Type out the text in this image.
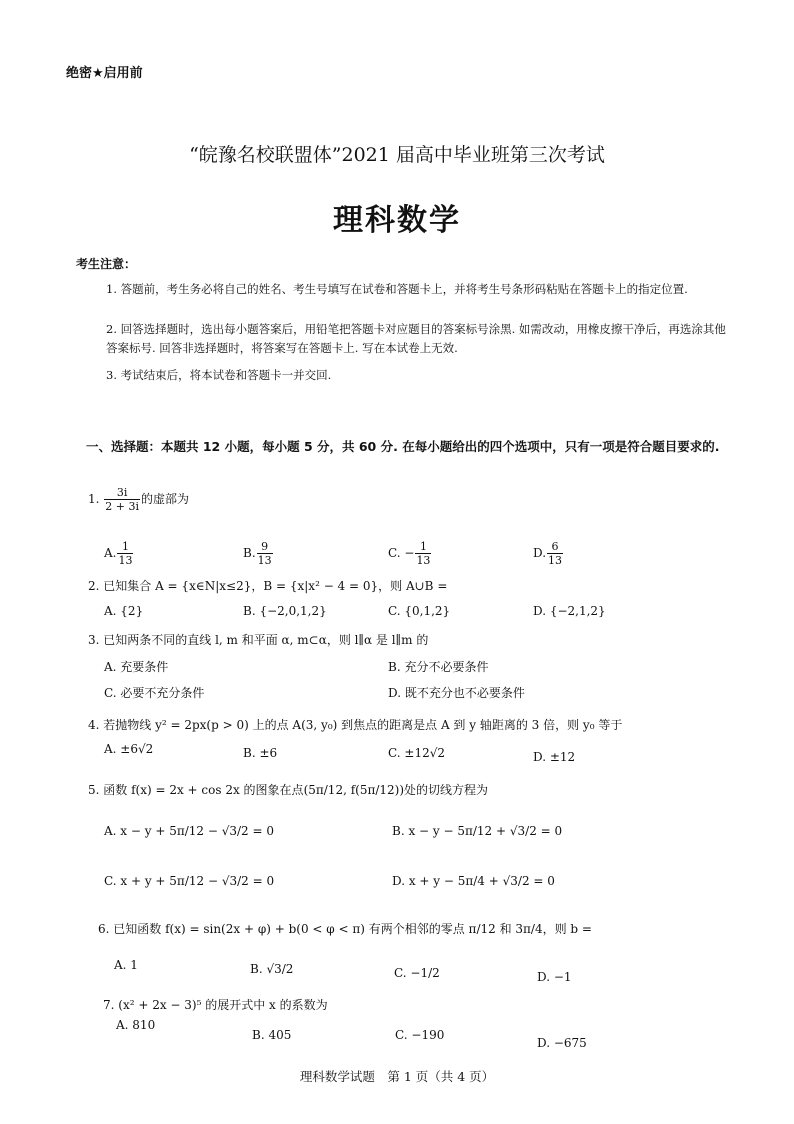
绝密★启用前
“皖豫名校联盟体”2021 届高中毕业班第三次考试
理科数学
考生注意：
1. 答题前，考生务必将自己的姓名、考生号填写在试卷和答题卡上，并将考生号条形码粘贴在答题卡上的指定位置.
2. 回答选择题时，选出每小题答案后，用铅笔把答题卡对应题目的答案标号涂黑. 如需改动，用橡皮擦干净后，再选涂其他答案标号. 回答非选择题时，将答案写在答题卡上. 写在本试卷上无效.
3. 考试结束后，将本试卷和答题卡一并交回.
一、选择题：本题共 12 小题，每小题 5 分，共 60 分. 在每小题给出的四个选项中，只有一项是符合题目要求的.
1. $\frac{3i}{2 + 3i}$ 的虚部为
A. $\frac{1}{13}$	B. $\frac{9}{13}$	C. − $\frac{1}{13}$	D. $\frac{6}{13}$
2. 已知集合 A = {x∈N|x≤2}，B = {x|x² − 4 = 0}，则 A∪B =
A. {2}	B. {−2,0,1,2}	C. {0,1,2}	D. {−2,1,2}
3. 已知两条不同的直线 l, m 和平面 α, m⊂α，则 l∥α 是 l∥m 的
A. 充要条件	B. 充分不必要条件
C. 必要不充分条件	D. 既不充分也不必要条件
4. 若抛物线 y² = 2px(p > 0) 上的点 A(3, y₀) 到焦点的距离是点 A 到 y 轴距离的 3 倍，则 y₀ 等于
A. ±6√2	B. ±6	C. ±12√2	D. ±12
5. 函数 f(x) = 2x + cos 2x 的图象在点(5π/12, f(5π/12))处的切线方程为
A. x − y + 5π/12 − √3/2 = 0	B. x − y − 5π/12 + √3/2 = 0
C. x + y + 5π/12 − √3/2 = 0	D. x + y − 5π/4 + √3/2 = 0
6. 已知函数 f(x) = sin(2x + φ) + b(0 < φ < π) 有两个相邻的零点 π/12 和 3π/4，则 b =
A. 1	B. √3/2	C. −1/2	D. −1
7. (x² + 2x − 3)⁵ 的展开式中 x 的系数为
A. 810
B. 405	C. −190
D. −675
理科数学试题　第 1 页（共 4 页）
